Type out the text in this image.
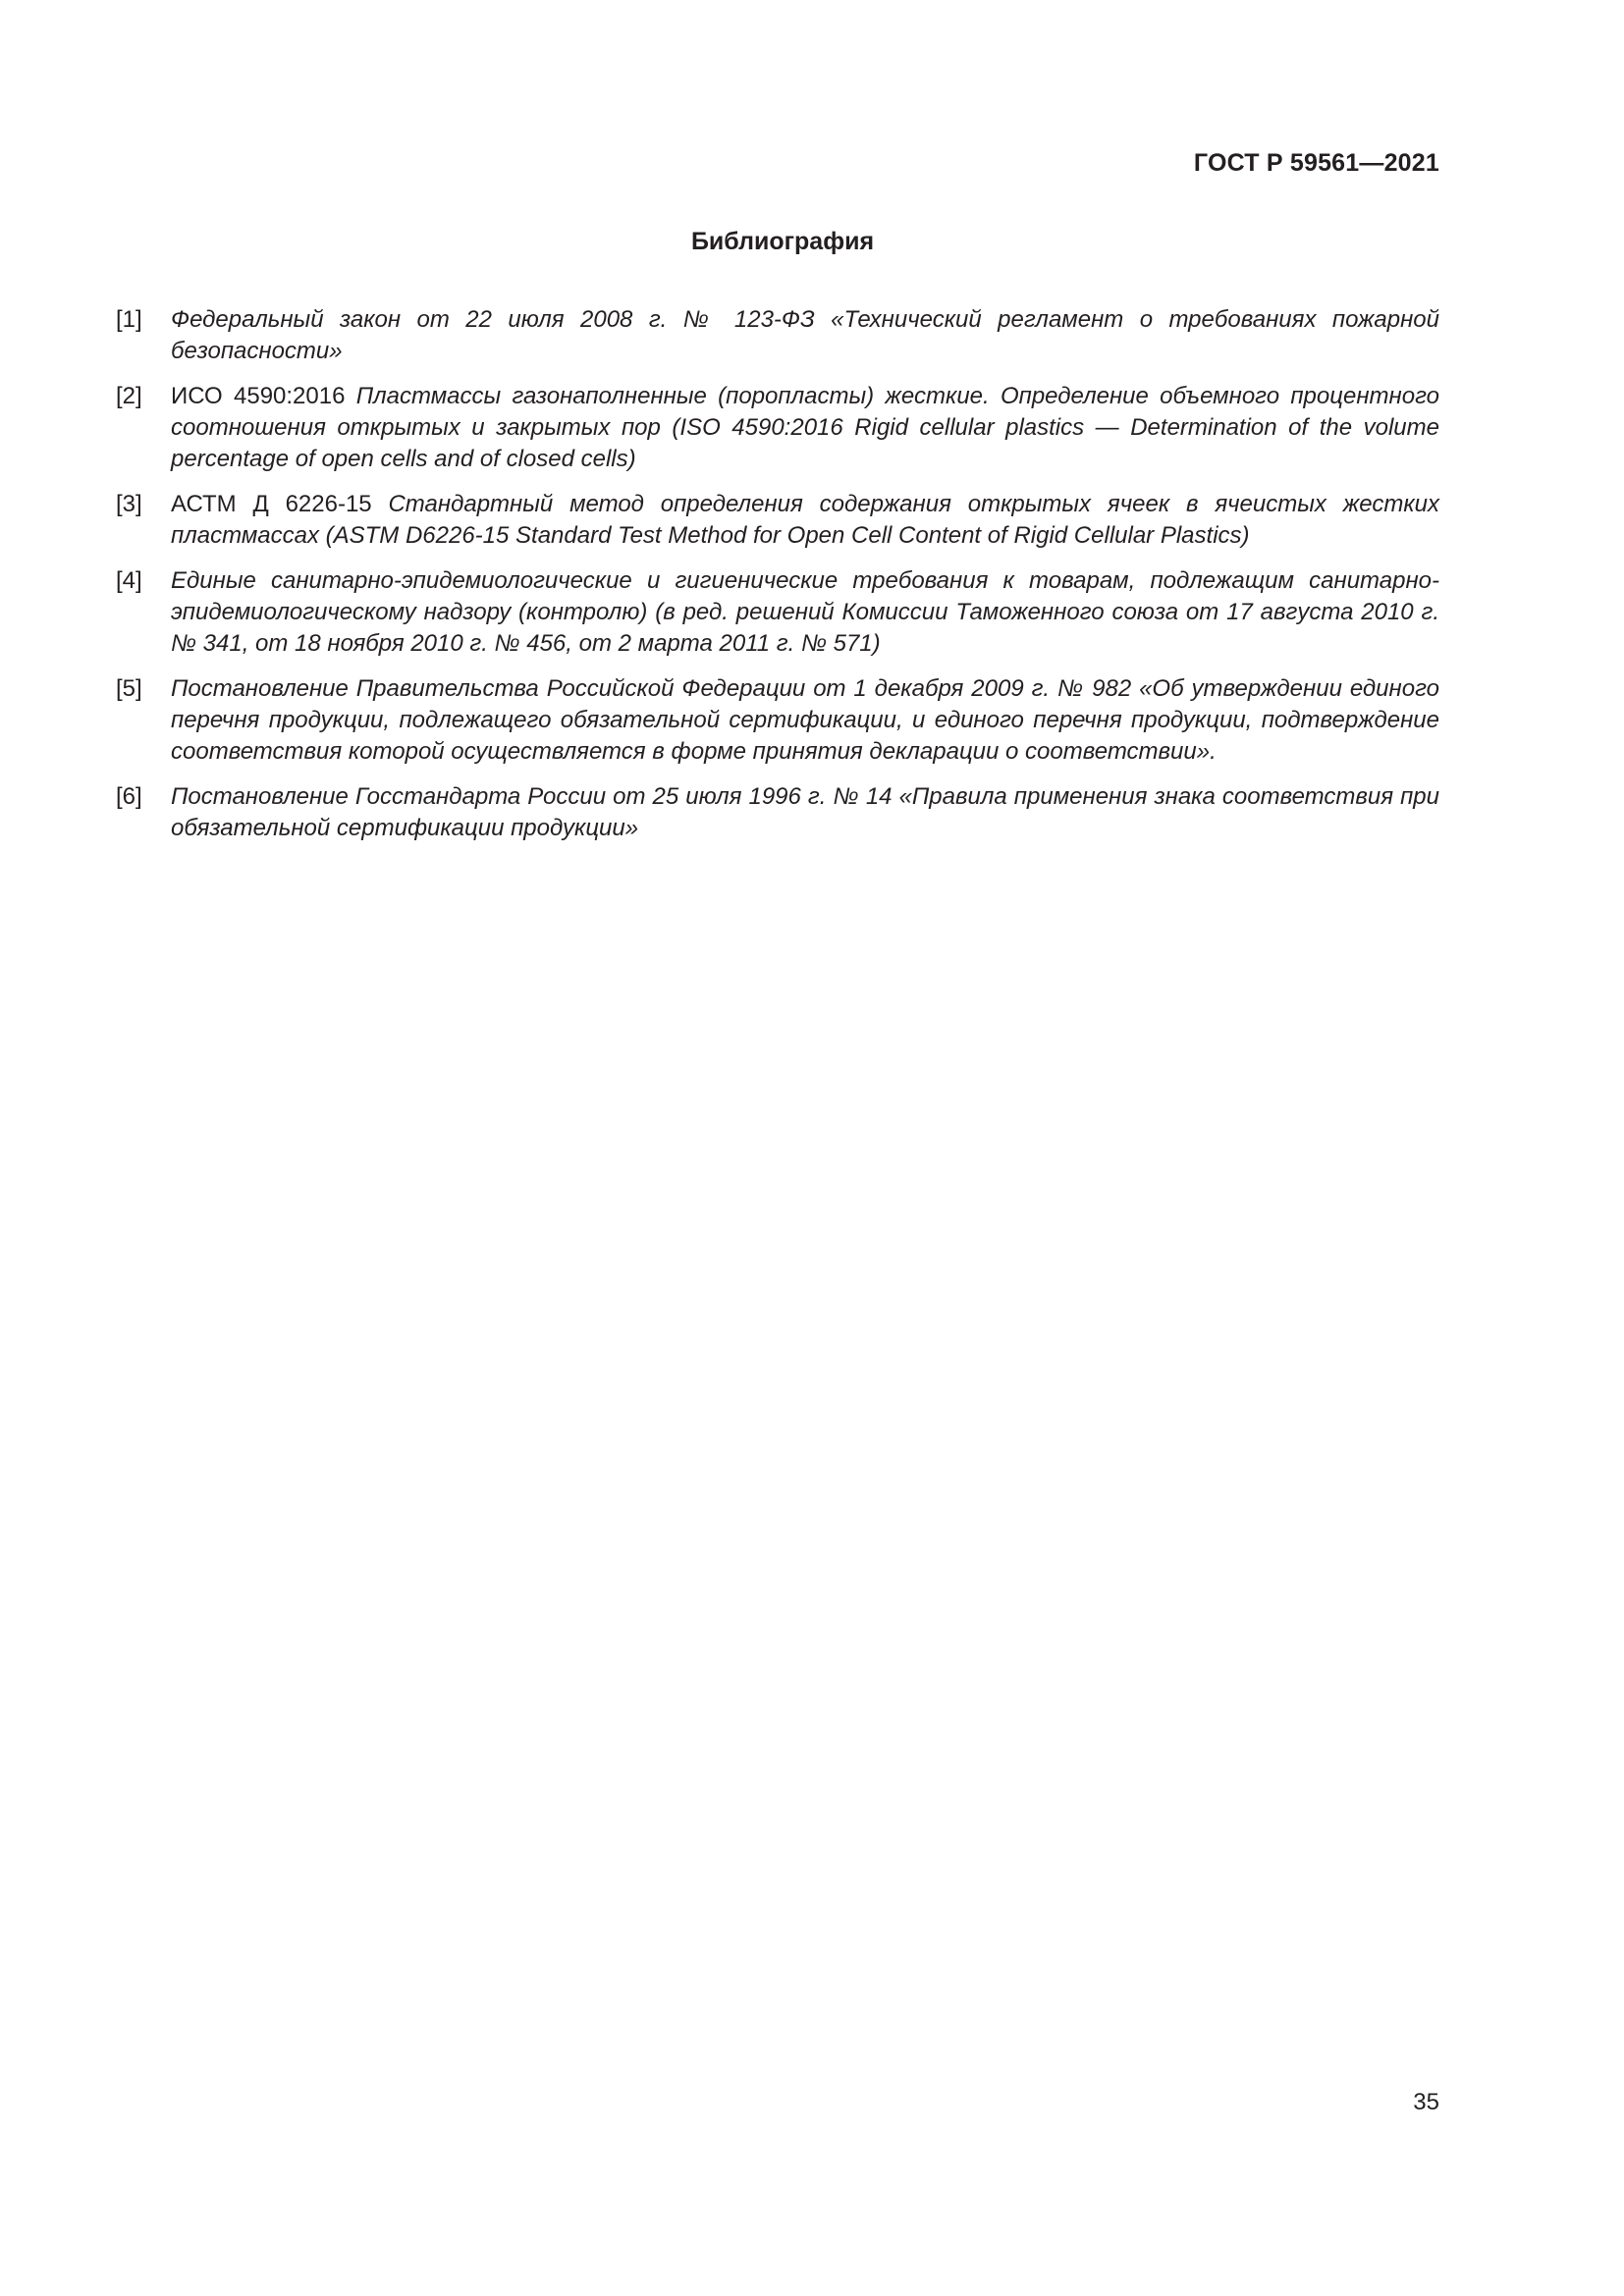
ГОСТ Р 59561—2021
Библиография
[1]	Федеральный закон от 22 июля 2008 г. № 123-ФЗ «Технический регламент о требованиях пожарной безопасности»
[2]	ИСО 4590:2016 Пластмассы газонаполненные (поропласты) жесткие. Определение объемного процентного соотношения открытых и закрытых пор (ISO 4590:2016 Rigid cellular plastics — Determination of the volume percentage of open cells and of closed cells)
[3]	АСТМ Д 6226-15 Стандартный метод определения содержания открытых ячеек в ячеистых жестких пластмассах (ASTM D6226-15 Standard Test Method for Open Cell Content of Rigid Cellular Plastics)
[4]	Единые санитарно-эпидемиологические и гигиенические требования к товарам, подлежащим санитарно-эпидемиологическому надзору (контролю) (в ред. решений Комиссии Таможенного союза от 17 августа 2010 г. № 341, от 18 ноября 2010 г. № 456, от 2 марта 2011 г. № 571)
[5]	Постановление Правительства Российской Федерации от 1 декабря 2009 г. № 982 «Об утверждении единого перечня продукции, подлежащего обязательной сертификации, и единого перечня продукции, подтверждение соответствия которой осуществляется в форме принятия декларации о соответствии».
[6]	Постановление Госстандарта России от 25 июля 1996 г. № 14 «Правила применения знака соответствия при обязательной сертификации продукции»
35
